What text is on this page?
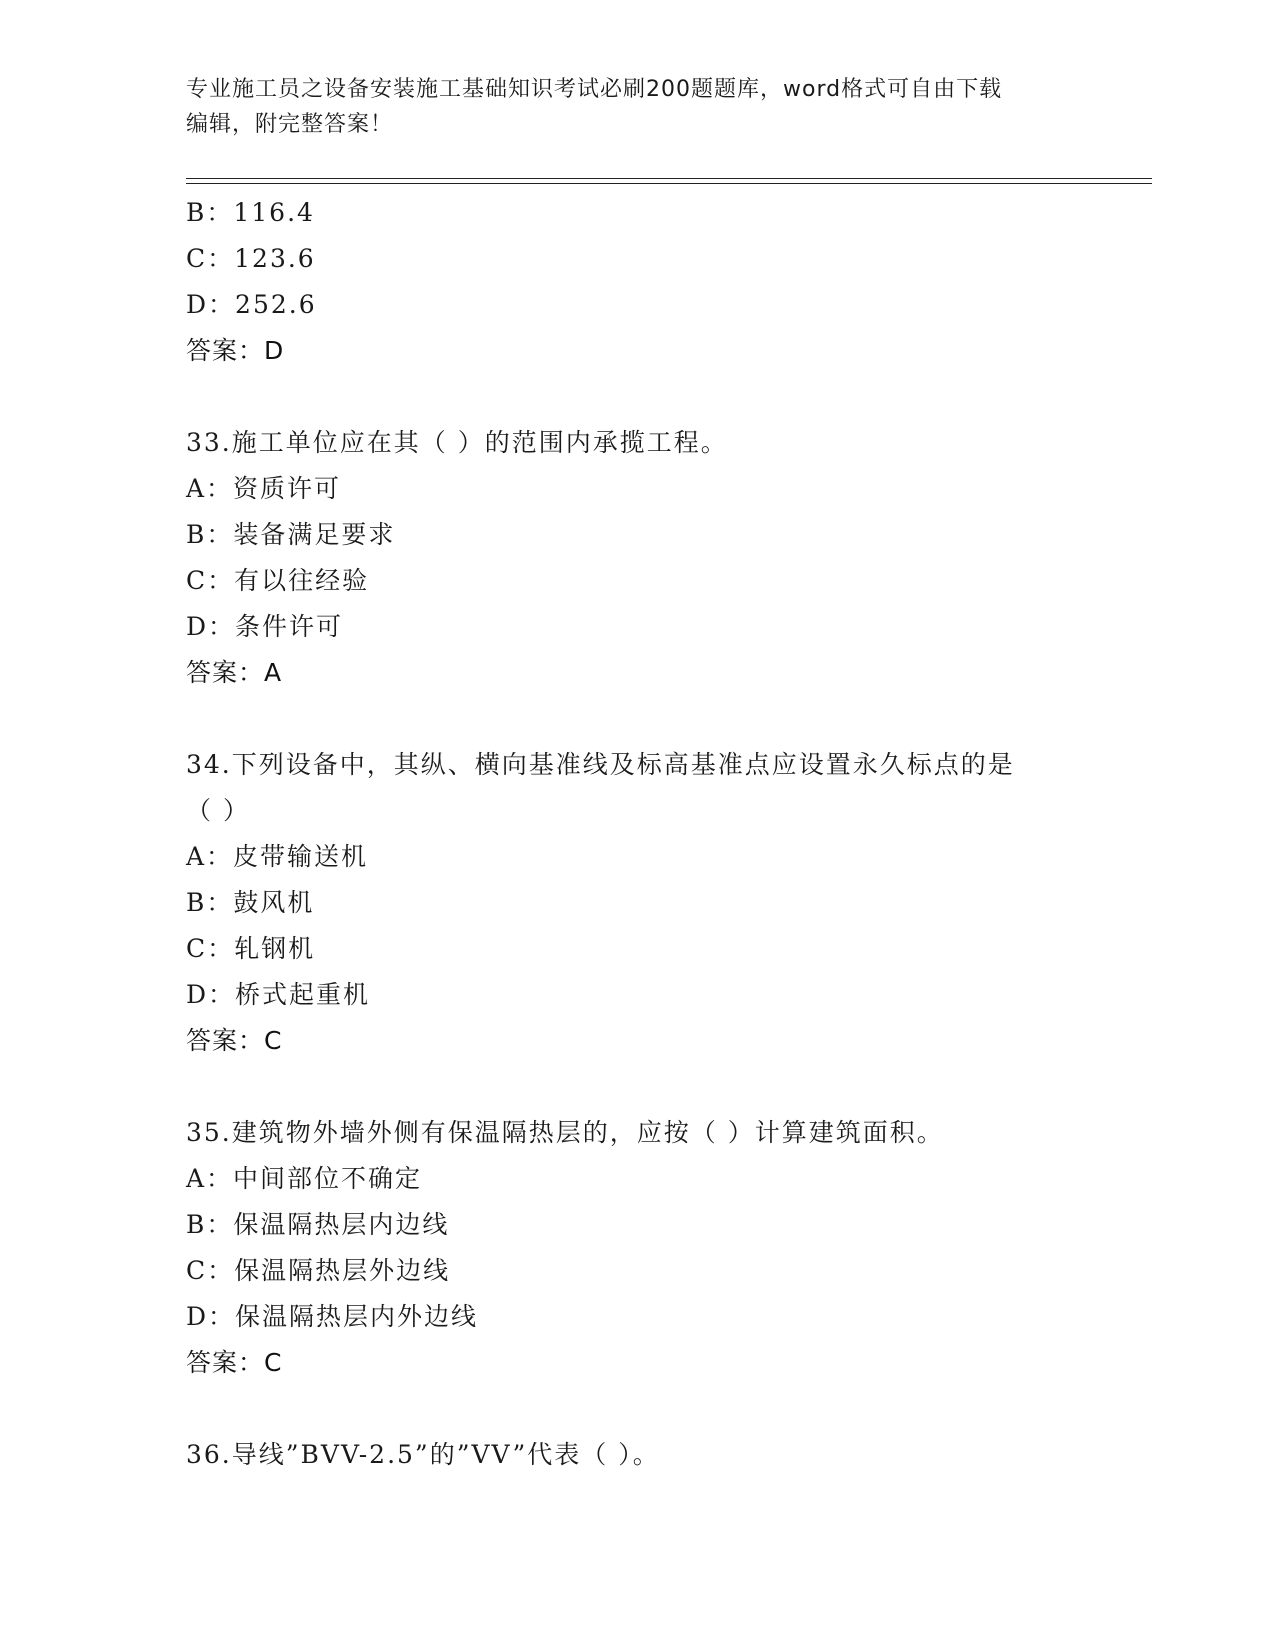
专业施工员之设备安装施工基础知识考试必刷200题题库，word格式可自由下载
编辑，附完整答案！
B：116.4
C：123.6
D：252.6
答案：D
33.施工单位应在其（ ）的范围内承揽工程。
A：资质许可
B：装备满足要求
C：有以往经验
D：条件许可
答案：A
34.下列设备中，其纵、横向基准线及标高基准点应设置永久标点的是
（ ）
A：皮带输送机
B：鼓风机
C：轧钢机
D：桥式起重机
答案：C
35.建筑物外墙外侧有保温隔热层的，应按（ ）计算建筑面积。
A：中间部位不确定
B：保温隔热层内边线
C：保温隔热层外边线
D：保温隔热层内外边线
答案：C
36.导线”BVV-2.5”的”VV”代表（ ）。
